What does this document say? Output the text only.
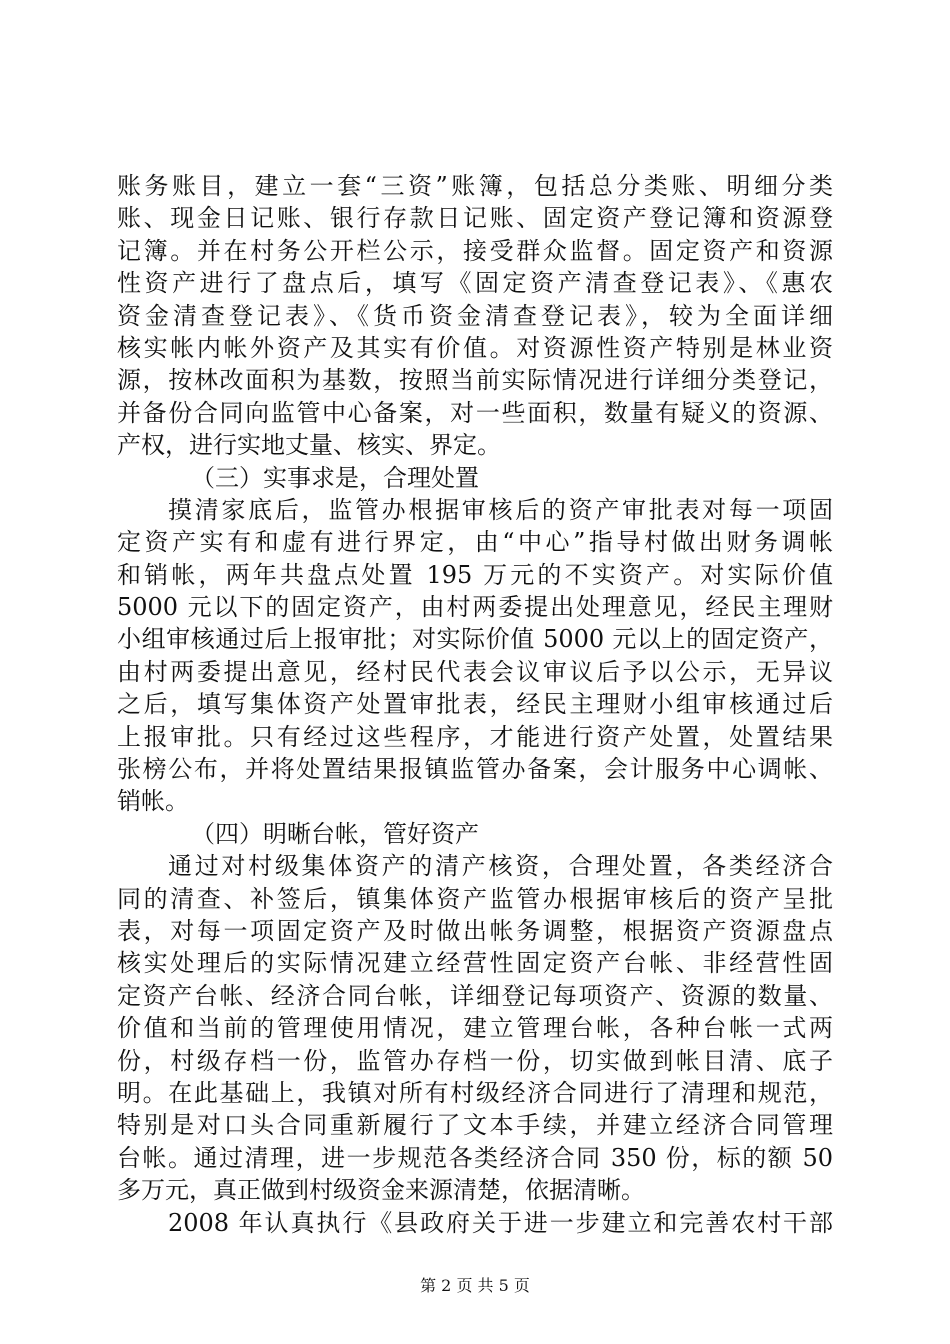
账务账目，建立一套“三资”账簿，包括总分类账、明细分类
账、现金日记账、银行存款日记账、固定资产登记簿和资源登
记簿。并在村务公开栏公示，接受群众监督。固定资产和资源
性资产进行了盘点后，填写《固定资产清查登记表》、《惠农
资金清查登记表》、《货币资金清查登记表》，较为全面详细
核实帐内帐外资产及其实有价值。对资源性资产特别是林业资
源，按林改面积为基数，按照当前实际情况进行详细分类登记，
并备份合同向监管中心备案，对一些面积，数量有疑义的资源、
产权，进行实地丈量、核实、界定。
（三）实事求是，合理处置
摸清家底后，监管办根据审核后的资产审批表对每一项固
定资产实有和虚有进行界定，由“中心”指导村做出财务调帐
和销帐，两年共盘点处置 195 万元的不实资产。对实际价值
5000 元以下的固定资产，由村两委提出处理意见，经民主理财
小组审核通过后上报审批；对实际价值 5000 元以上的固定资产，
由村两委提出意见，经村民代表会议审议后予以公示，无异议
之后，填写集体资产处置审批表，经民主理财小组审核通过后
上报审批。只有经过这些程序，才能进行资产处置，处置结果
张榜公布，并将处置结果报镇监管办备案，会计服务中心调帐、
销帐。
（四）明晰台帐，管好资产
通过对村级集体资产的清产核资，合理处置，各类经济合
同的清查、补签后，镇集体资产监管办根据审核后的资产呈批
表，对每一项固定资产及时做出帐务调整，根据资产资源盘点
核实处理后的实际情况建立经营性固定资产台帐、非经营性固
定资产台帐、经济合同台帐，详细登记每项资产、资源的数量、
价值和当前的管理使用情况，建立管理台帐，各种台帐一式两
份，村级存档一份，监管办存档一份，切实做到帐目清、底子
明。在此基础上，我镇对所有村级经济合同进行了清理和规范，
特别是对口头合同重新履行了文本手续，并建立经济合同管理
台帐。通过清理，进一步规范各类经济合同 350 份，标的额 50
多万元，真正做到村级资金来源清楚，依据清晰。
2008 年认真执行《县政府关于进一步建立和完善农村干部
第 2 页 共 5 页
